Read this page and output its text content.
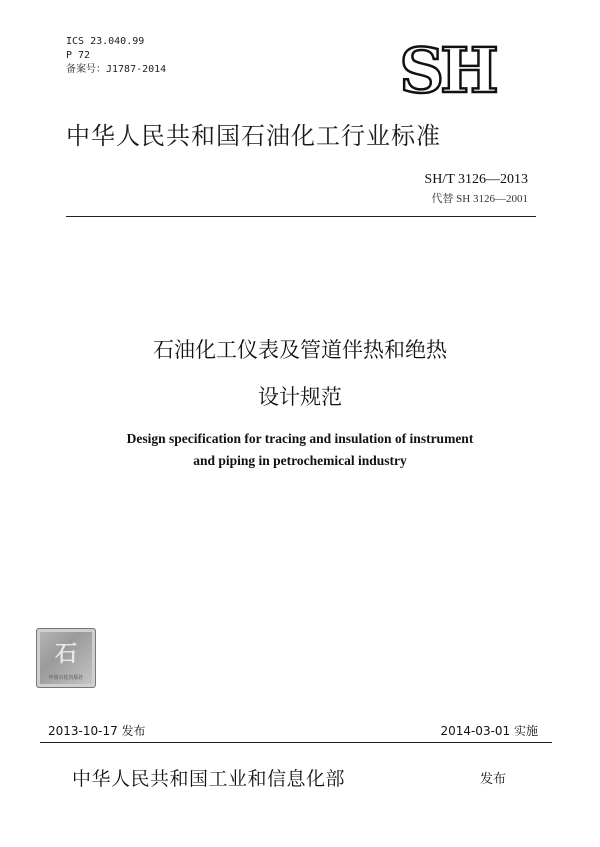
ICS 23.040.99
P 72
备案号：J1787-2014	SH
中华人民共和国石油化工行业标准
SH/T 3126—2013
代替 SH 3126—2001
石油化工仪表及管道伴热和绝热
设计规范
Design specification for tracing and insulation of instrument
and piping in petrochemical industry
石
中国石化出版社
2013-10-17 发布	2014-03-01 实施
中华人民共和国工业和信息化部	发布
